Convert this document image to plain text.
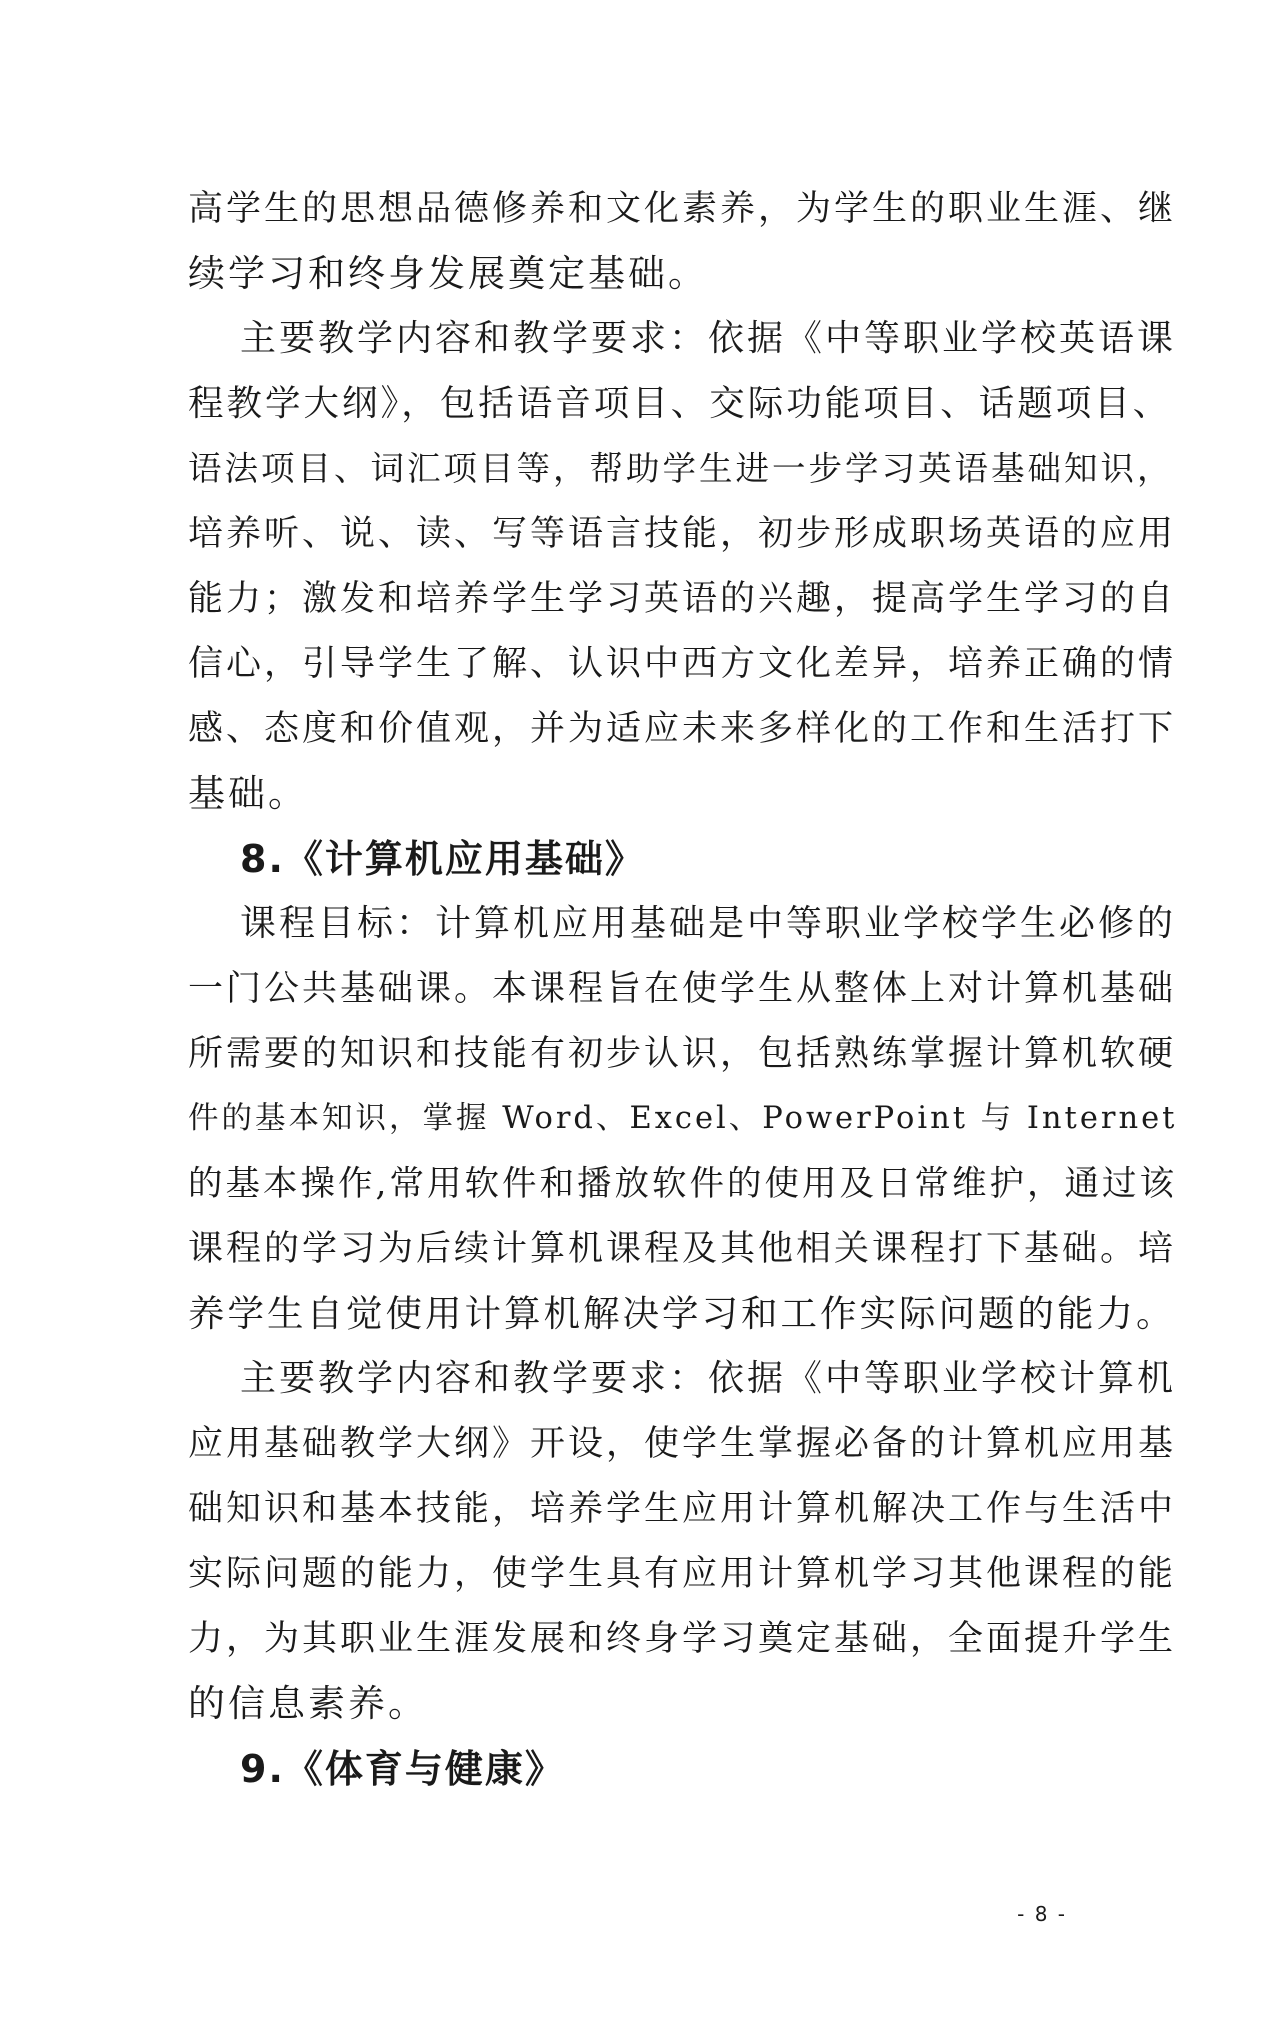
高学生的思想品德修养和文化素养，为学生的职业生涯、继
续学习和终身发展奠定基础。
主要教学内容和教学要求：依据《中等职业学校英语课
程教学大纲》，包括语音项目、交际功能项目、话题项目、
语法项目、词汇项目等，帮助学生进一步学习英语基础知识，
培养听、说、读、写等语言技能，初步形成职场英语的应用
能力；激发和培养学生学习英语的兴趣，提高学生学习的自
信心，引导学生了解、认识中西方文化差异，培养正确的情
感、态度和价值观，并为适应未来多样化的工作和生活打下
基础。
8.《计算机应用基础》
课程目标：计算机应用基础是中等职业学校学生必修的
一门公共基础课。本课程旨在使学生从整体上对计算机基础
所需要的知识和技能有初步认识，包括熟练掌握计算机软硬
件的基本知识，掌握 Word、Excel、PowerPoint 与 Internet
的基本操作,常用软件和播放软件的使用及日常维护，通过该
课程的学习为后续计算机课程及其他相关课程打下基础。培
养学生自觉使用计算机解决学习和工作实际问题的能力。
主要教学内容和教学要求：依据《中等职业学校计算机
应用基础教学大纲》开设，使学生掌握必备的计算机应用基
础知识和基本技能，培养学生应用计算机解决工作与生活中
实际问题的能力，使学生具有应用计算机学习其他课程的能
力，为其职业生涯发展和终身学习奠定基础，全面提升学生
的信息素养。
9.《体育与健康》
- 8 -
